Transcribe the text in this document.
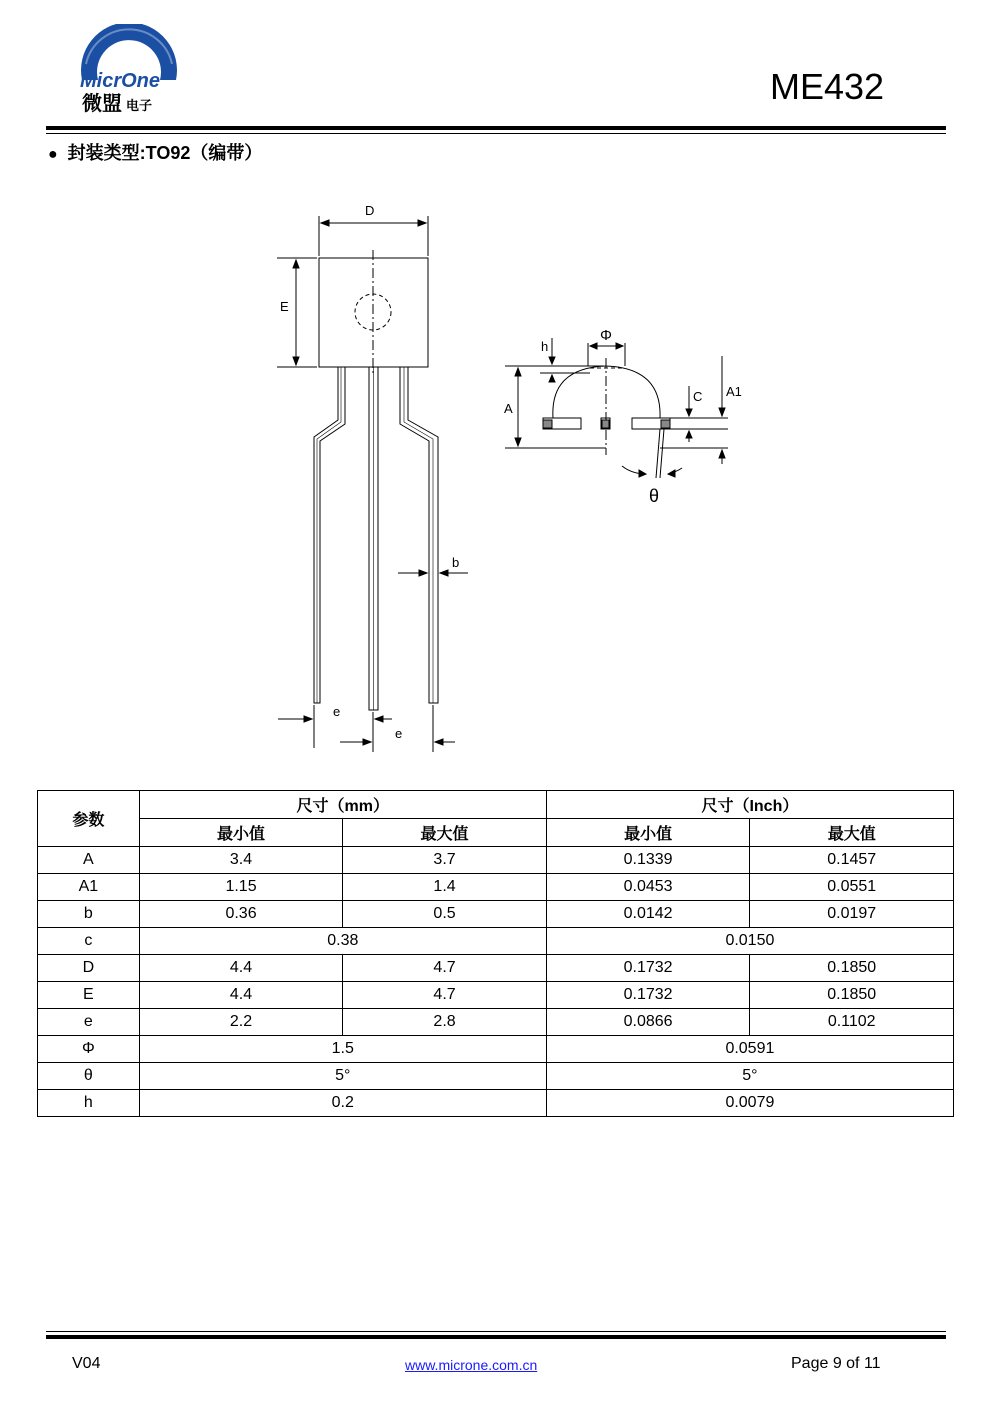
MicrOne
微盟 电子	ME432
● 封装类型:TO92（编带）
D
E
b
e
e
Φ
h
A
C A1
θ
参数	尺寸（mm）		尺寸（Inch）	
	最小值	最大值	最小值	最大值
A	3.4	3.7	0.1339	0.1457
A1	1.15	1.4	0.0453	0.0551
b	0.36	0.5	0.0142	0.0197
c	0.38		0.0150	
D	4.4	4.7	0.1732	0.1850
E	4.4	4.7	0.1732	0.1850
e	2.2	2.8	0.0866	0.1102
Φ	1.5		0.0591	
θ	5°		5°	
h	0.2		0.0079	
V04	www.microne.com.cn	Page 9 of 11
